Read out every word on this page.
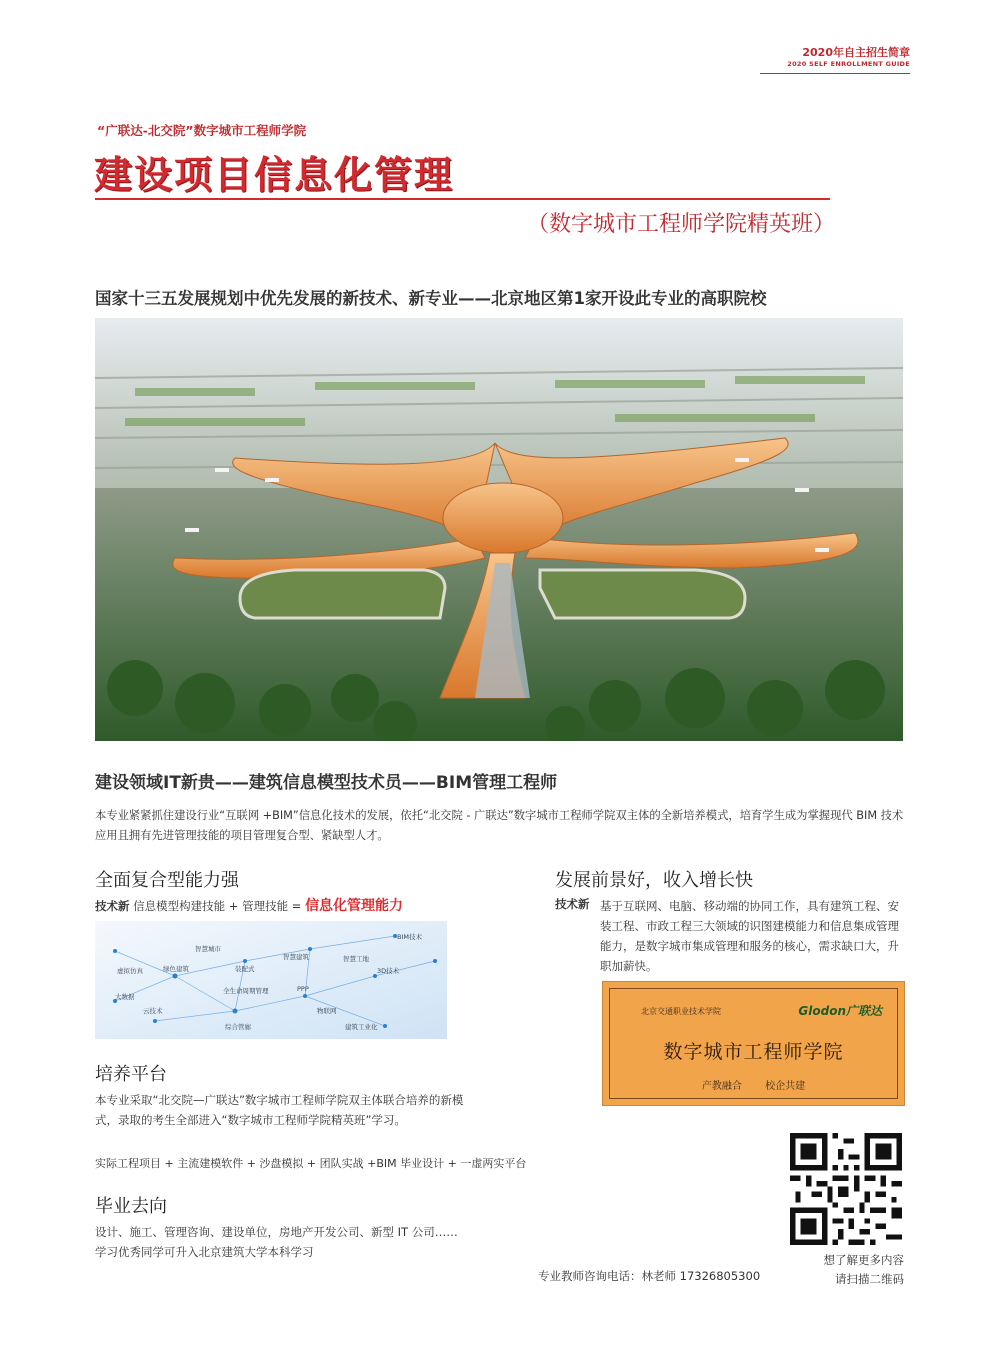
2020年自主招生简章
2020 SELF ENROLLMENT GUIDE
“广联达-北交院”数字城市工程师学院
建设项目信息化管理
（数字城市工程师学院精英班）
国家十三五发展规划中优先发展的新技术、新专业——北京地区第1家开设此专业的高职院校
建设领域IT新贵——建筑信息模型技术员——BIM管理工程师
本专业紧紧抓住建设行业“互联网 +BIM”信息化技术的发展，依托“北交院 - 广联达”数字城市工程师学院双主体的全新培养模式，培育学生成为掌握现代 BIM 技术应用且拥有先进管理技能的项目管理复合型、紧缺型人才。
全面复合型能力强
技术新 信息模型构建技能 + 管理技能 = 信息化管理能力
BIM技术
智慧城市
智慧建筑	智慧工地
虚拟仿真	绿色建筑	装配式	3D技术
大数据
全生命周期管理	PPP
云技术	物联网
综合管廊	建筑工业化
发展前景好，收入增长快
技术新 基于互联网、电脑、移动端的协同工作，具有建筑工程、安装工程、市政工程三大领域的识图建模能力和信息集成管理能力，是数字城市集成管理和服务的核心，需求缺口大，升职加薪快。
北京交通职业技术学院	Glodon广联达
数字城市工程师学院
产教融合 校企共建
培养平台
本专业采取“北交院—广联达”数字城市工程师学院双主体联合培养的新模式，录取的考生全部进入“数字城市工程师学院精英班”学习。
实际工程项目 + 主流建模软件 + 沙盘模拟 + 团队实战 +BIM 毕业设计 + 一虚两实平台
毕业去向
设计、施工、管理咨询、建设单位，房地产开发公司、新型 IT 公司……
学习优秀同学可升入北京建筑大学本科学习
专业教师咨询电话：林老师 17326805300
想了解更多内容
请扫描二维码
